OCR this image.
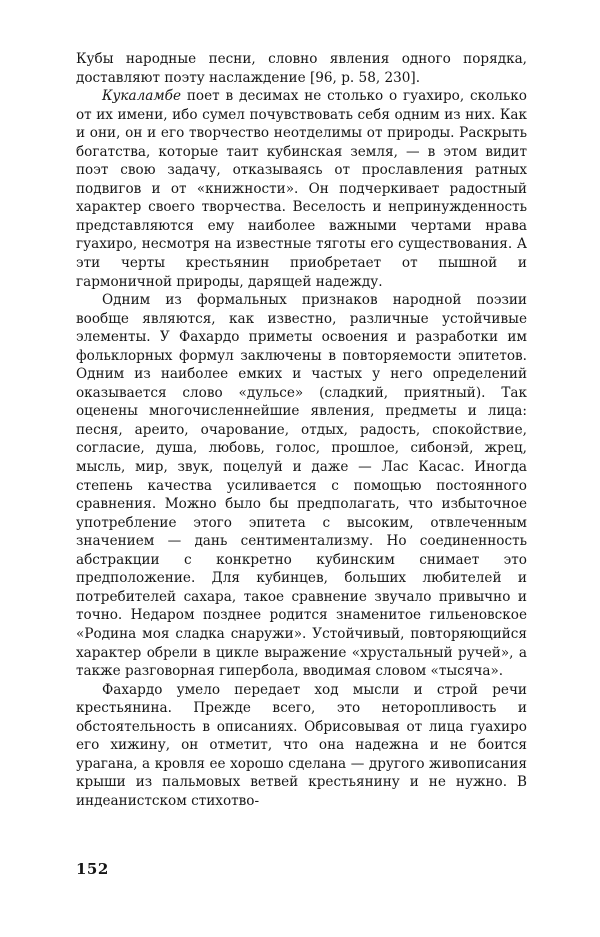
Кубы народные песни, словно явления одного порядка, доставляют поэту наслаждение [96, р. 58, 230].

Кукаламбе поет в десимах не столько о гуахиро, сколько от их имени, ибо сумел почувствовать себя одним из них. Как и они, он и его творчество неотделимы от природы. Раскрыть богатства, которые таит кубинская земля, — в этом видит поэт свою задачу, отказываясь от прославления ратных подвигов и от «книжности». Он подчеркивает радостный характер своего творчества. Веселость и непринужденность представляются ему наиболее важными чертами нрава гуахиро, несмотря на известные тяготы его существования. А эти черты крестьянин приобретает от пышной и гармоничной природы, дарящей надежду.

Одним из формальных признаков народной поэзии вообще являются, как известно, различные устойчивые элементы. У Фахардо приметы освоения и разработки им фольклорных формул заключены в повторяемости эпитетов. Одним из наиболее емких и частых у него определений оказывается слово «дульсе» (сладкий, приятный). Так оценены многочисленнейшие явления, предметы и лица: песня, ареито, очарование, отдых, радость, спокойствие, согласие, душа, любовь, голос, прошлое, сибонэй, жрец, мысль, мир, звук, поцелуй и даже — Лас Касас. Иногда степень качества усиливается с помощью постоянного сравнения. Можно было бы предполагать, что избыточное употребление этого эпитета с высоким, отвлеченным значением — дань сентиментализму. Но соединенность абстракции с конкретно кубинским снимает это предположение. Для кубинцев, больших любителей и потребителей сахара, такое сравнение звучало привычно и точно. Недаром позднее родится знаменитое гильеновское «Родина моя сладка снаружи». Устойчивый, повторяющийся характер обрели в цикле выражение «хрустальный ручей», а также разговорная гипербола, вводимая словом «тысяча».

Фахардо умело передает ход мысли и строй речи крестьянина. Прежде всего, это неторопливость и обстоятельность в описаниях. Обрисовывая от лица гуахиро его хижину, он отметит, что она надежна и не боится урагана, а кровля ее хорошо сделана — другого живописания крыши из пальмовых ветвей крестьянину и не нужно. В индеанистском стихотво-

152
